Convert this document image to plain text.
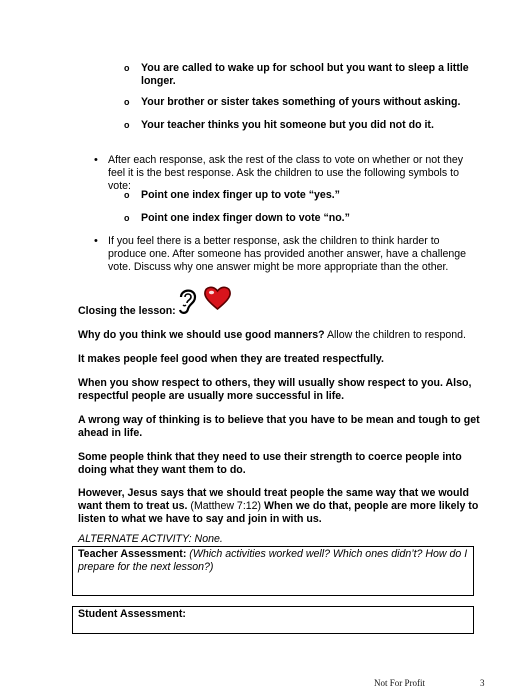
o You are called to wake up for school but you want to sleep a little longer.
o Your brother or sister takes something of yours without asking.
o Your teacher thinks you hit someone but you did not do it.
• After each response, ask the rest of the class to vote on whether or not they feel it is the best response. Ask the children to use the following symbols to vote:
o Point one index finger up to vote “yes.”
o Point one index finger down to vote “no.”
• If you feel there is a better response, ask the children to think harder to produce one. After someone has provided another answer, have a challenge vote. Discuss why one answer might be more appropriate than the other.
Closing the lesson:
Why do you think we should use good manners? Allow the children to respond.
It makes people feel good when they are treated respectfully.
When you show respect to others, they will usually show respect to you. Also, respectful people are usually more successful in life.
A wrong way of thinking is to believe that you have to be mean and tough to get ahead in life.
Some people think that they need to use their strength to coerce people into doing what they want them to do.
However, Jesus says that we should treat people the same way that we would want them to treat us. (Matthew 7:12) When we do that, people are more likely to listen to what we have to say and join in with us.
ALTERNATE ACTIVITY: None.
Teacher Assessment: (Which activities worked well? Which ones didn’t? How do I prepare for the next lesson?)
Student Assessment:
Not For Profit	3
